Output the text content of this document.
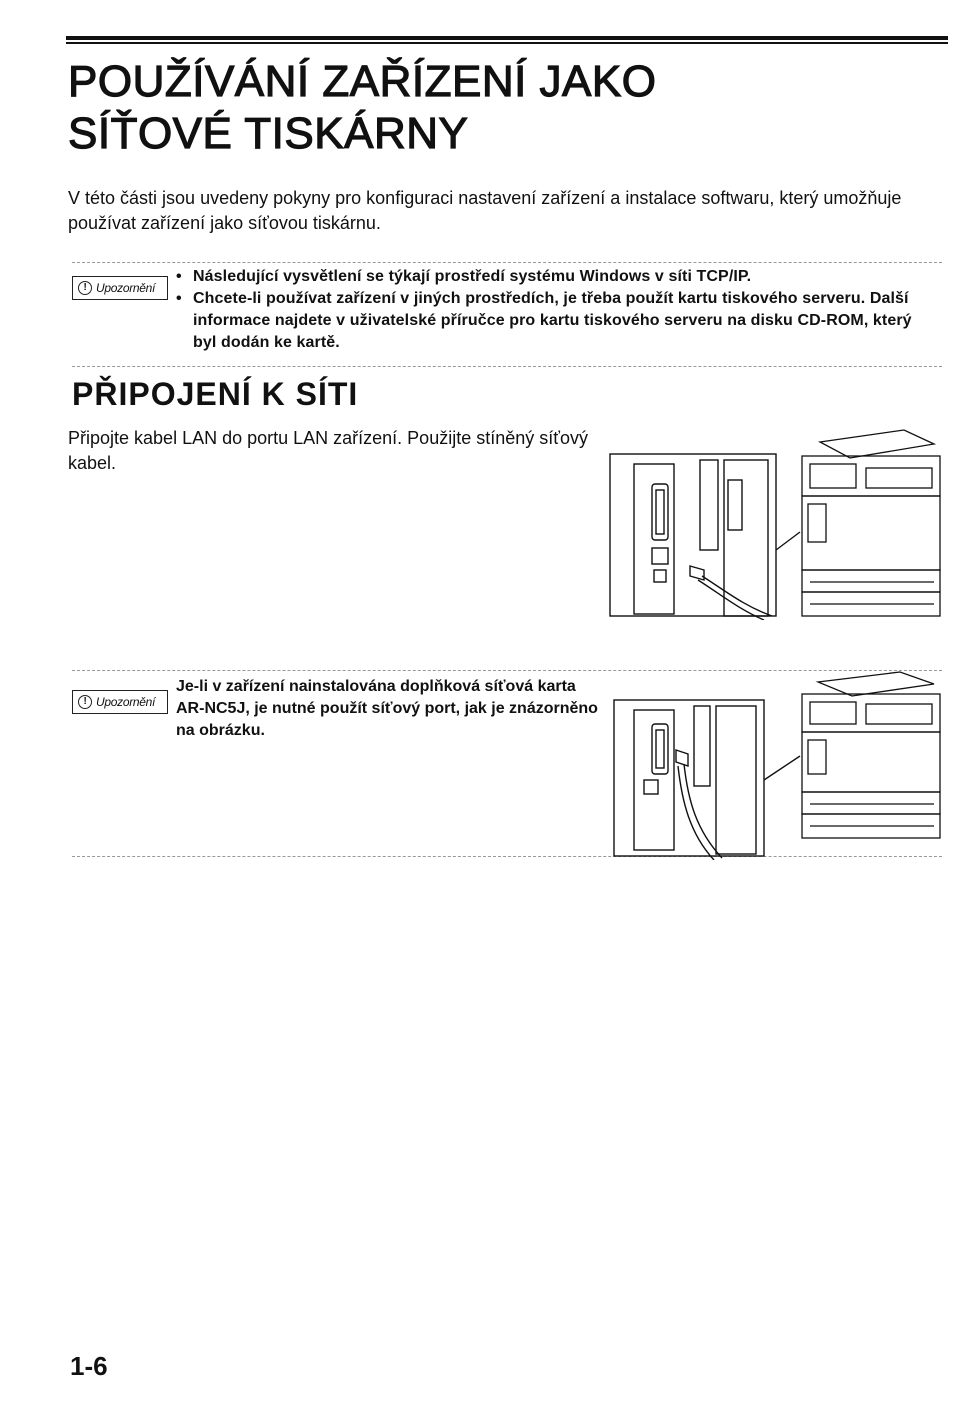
POUŽÍVÁNÍ ZAŘÍZENÍ JAKO
SÍŤOVÉ TISKÁRNY

V této části jsou uvedeny pokyny pro konfiguraci nastavení zařízení a instalace softwaru, který umožňuje používat zařízení jako síťovou tiskárnu.

! Upozornění
• Následující vysvětlení se týkají prostředí systému Windows v síti TCP/IP.
• Chcete-li používat zařízení v jiných prostředích, je třeba použít kartu tiskového serveru. Další informace najdete v uživatelské příručce pro kartu tiskového serveru na disku CD-ROM, který byl dodán ke kartě.
PŘIPOJENÍ K SÍTI

Připojte kabel LAN do portu LAN zařízení. Použijte stíněný síťový kabel.

! Upozornění

Je-li v zařízení nainstalována doplňková síťová karta AR-NC5J, je nutné použít síťový port, jak je znázorněno na obrázku.

1-6
